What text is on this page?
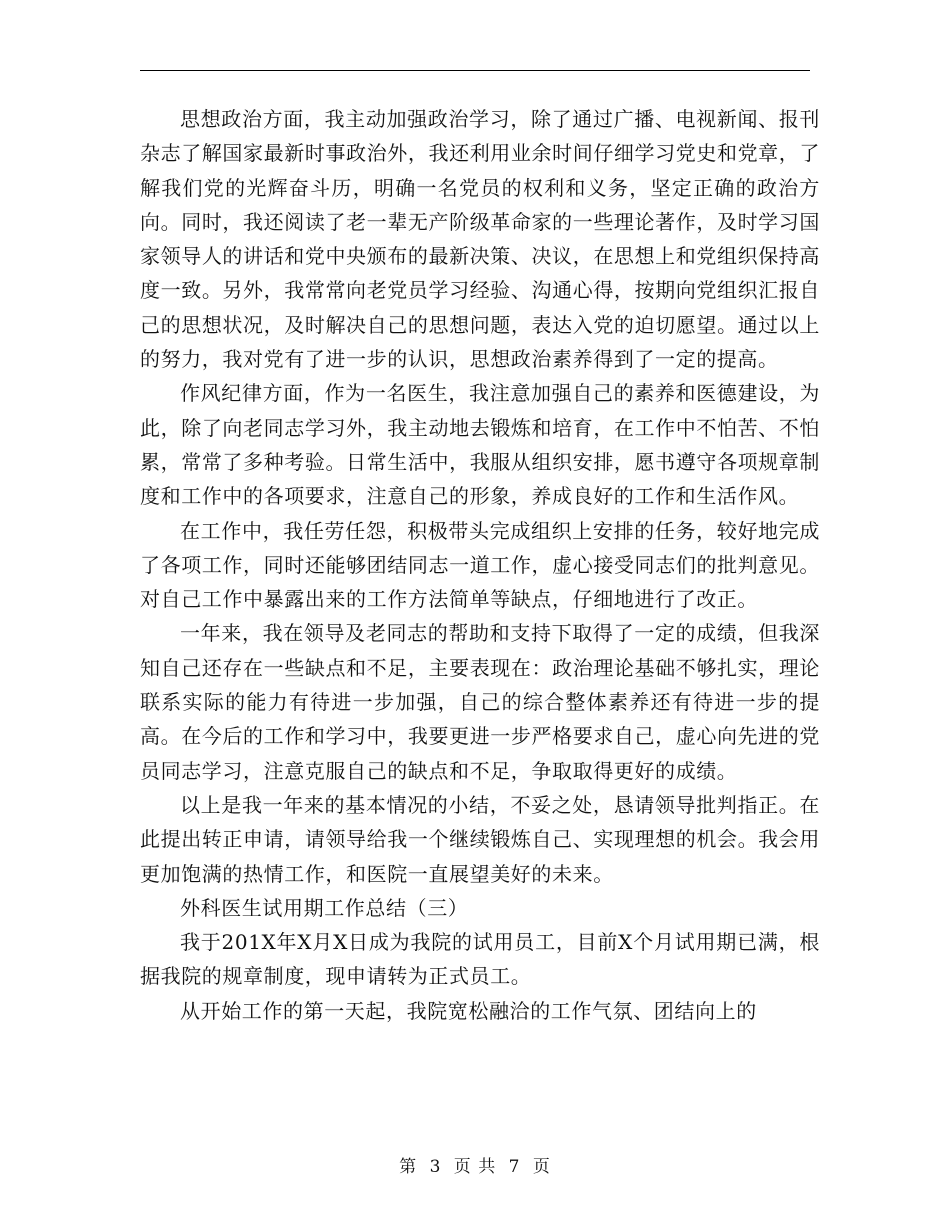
思想政治方面，我主动加强政治学习，除了通过广播、电视新闻、报刊杂志了解国家最新时事政治外，我还利用业余时间仔细学习党史和党章，了解我们党的光辉奋斗历，明确一名党员的权利和义务，坚定正确的政治方向。同时，我还阅读了老一辈无产阶级革命家的一些理论著作，及时学习国家领导人的讲话和党中央颁布的最新决策、决议，在思想上和党组织保持高度一致。另外，我常常向老党员学习经验、沟通心得，按期向党组织汇报自己的思想状况，及时解决自己的思想问题，表达入党的迫切愿望。通过以上的努力，我对党有了进一步的认识，思想政治素养得到了一定的提高。

作风纪律方面，作为一名医生，我注意加强自己的素养和医德建设，为此，除了向老同志学习外，我主动地去锻炼和培育，在工作中不怕苦、不怕累，常常了多种考验。日常生活中，我服从组织安排，愿书遵守各项规章制度和工作中的各项要求，注意自己的形象，养成良好的工作和生活作风。

在工作中，我任劳任怨，积极带头完成组织上安排的任务，较好地完成了各项工作，同时还能够团结同志一道工作，虚心接受同志们的批判意见。对自己工作中暴露出来的工作方法简单等缺点，仔细地进行了改正。

一年来，我在领导及老同志的帮助和支持下取得了一定的成绩，但我深知自己还存在一些缺点和不足，主要表现在：政治理论基础不够扎实，理论联系实际的能力有待进一步加强，自己的综合整体素养还有待进一步的提高。在今后的工作和学习中，我要更进一步严格要求自己，虚心向先进的党员同志学习，注意克服自己的缺点和不足，争取取得更好的成绩。

以上是我一年来的基本情况的小结，不妥之处，恳请领导批判指正。在此提出转正申请，请领导给我一个继续锻炼自己、实现理想的机会。我会用更加饱满的热情工作，和医院一直展望美好的未来。

外科医生试用期工作总结（三）

我于201X年X月X日成为我院的试用员工，目前X个月试用期已满，根据我院的规章制度，现申请转为正式员工。

从开始工作的第一天起，我院宽松融洽的工作气氛、团结向上的

第 3 页 共 7 页
